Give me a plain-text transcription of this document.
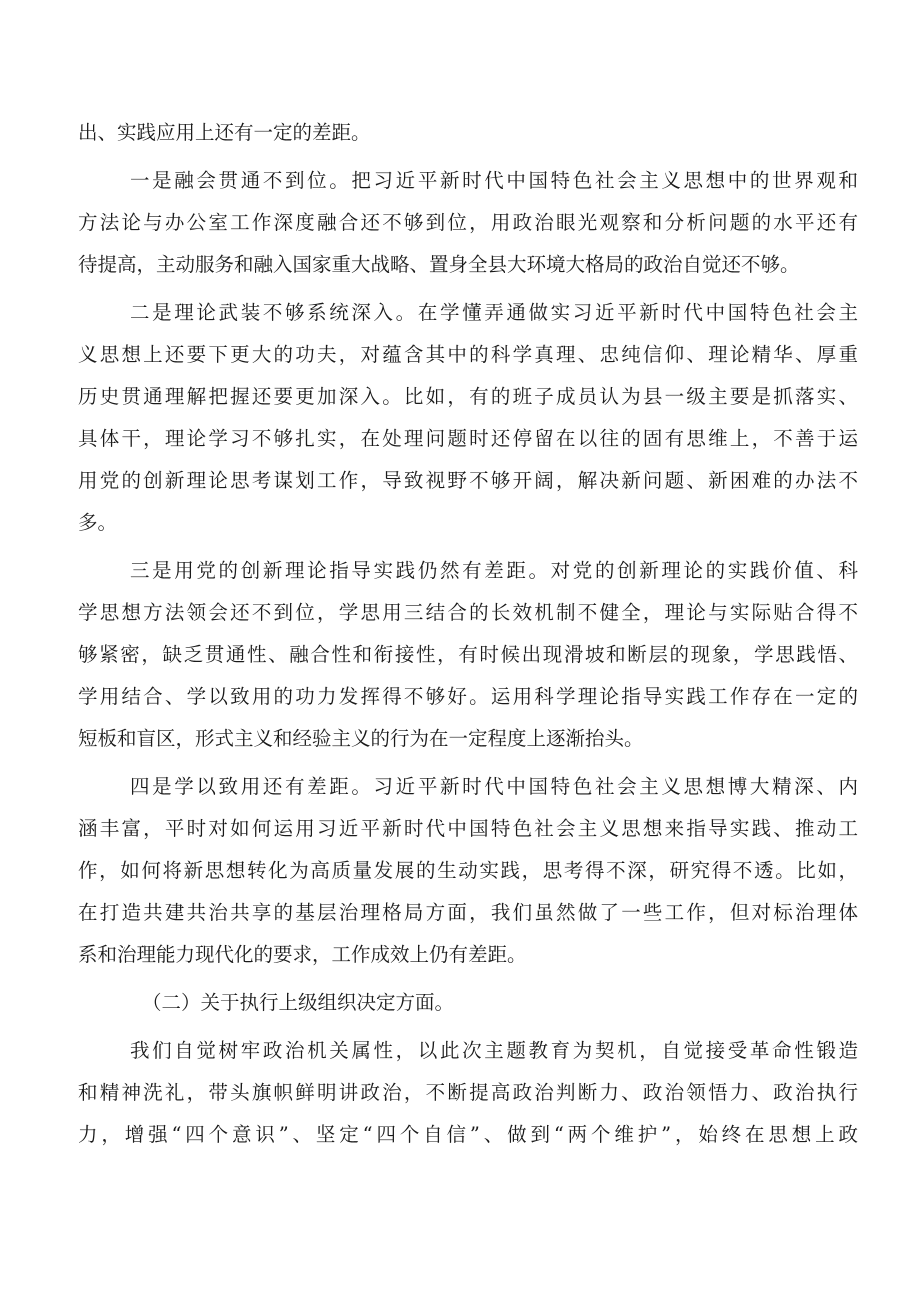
出、实践应用上还有一定的差距。
一是融会贯通不到位。把习近平新时代中国特色社会主义思想中的世界观和
方法论与办公室工作深度融合还不够到位，用政治眼光观察和分析问题的水平还有
待提高，主动服务和融入国家重大战略、置身全县大环境大格局的政治自觉还不够。
二是理论武装不够系统深入。在学懂弄通做实习近平新时代中国特色社会主
义思想上还要下更大的功夫，对蕴含其中的科学真理、忠纯信仰、理论精华、厚重
历史贯通理解把握还要更加深入。比如，有的班子成员认为县一级主要是抓落实、
具体干，理论学习不够扎实，在处理问题时还停留在以往的固有思维上，不善于运
用党的创新理论思考谋划工作，导致视野不够开阔，解决新问题、新困难的办法不
多。
三是用党的创新理论指导实践仍然有差距。对党的创新理论的实践价值、科
学思想方法领会还不到位，学思用三结合的长效机制不健全，理论与实际贴合得不
够紧密，缺乏贯通性、融合性和衔接性，有时候出现滑坡和断层的现象，学思践悟、
学用结合、学以致用的功力发挥得不够好。运用科学理论指导实践工作存在一定的
短板和盲区，形式主义和经验主义的行为在一定程度上逐渐抬头。
四是学以致用还有差距。习近平新时代中国特色社会主义思想博大精深、内
涵丰富，平时对如何运用习近平新时代中国特色社会主义思想来指导实践、推动工
作，如何将新思想转化为高质量发展的生动实践，思考得不深，研究得不透。比如，
在打造共建共治共享的基层治理格局方面，我们虽然做了一些工作，但对标治理体
系和治理能力现代化的要求，工作成效上仍有差距。
（二）关于执行上级组织决定方面。
我们自觉树牢政治机关属性，以此次主题教育为契机，自觉接受革命性锻造
和精神洗礼，带头旗帜鲜明讲政治，不断提高政治判断力、政治领悟力、政治执行
力，增强“四个意识”、坚定“四个自信”、做到“两个维护”，始终在思想上政
